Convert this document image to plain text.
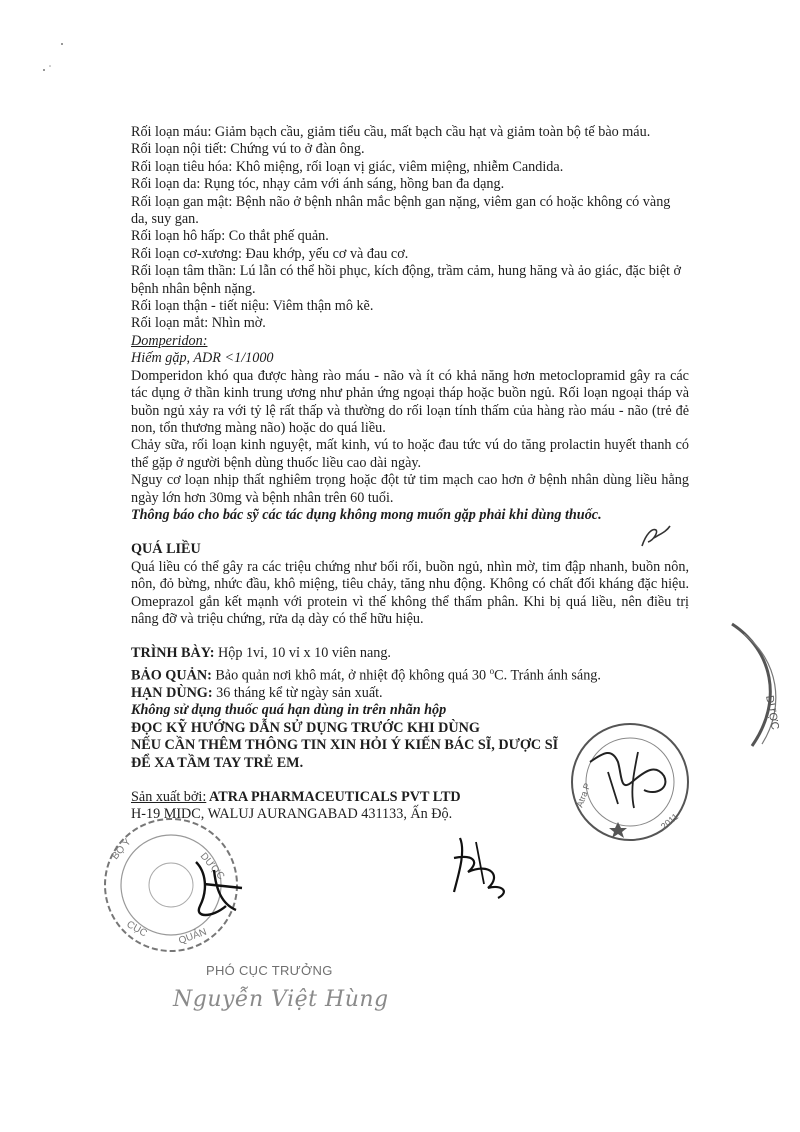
Rối loạn máu: Giảm bạch cầu, giảm tiểu cầu, mất bạch cầu hạt và giảm toàn bộ tế bào máu.

Rối loạn nội tiết: Chứng vú to ở đàn ông.

Rối loạn tiêu hóa: Khô miệng, rối loạn vị giác, viêm miệng, nhiễm Candida.

Rối loạn da: Rụng tóc, nhạy cảm với ánh sáng, hồng ban đa dạng.

Rối loạn gan mật: Bệnh não ở bệnh nhân mắc bệnh gan nặng, viêm gan có hoặc không có vàng da, suy gan.

Rối loạn hô hấp: Co thắt phế quản.

Rối loạn cơ-xương: Đau khớp, yếu cơ và đau cơ.

Rối loạn tâm thần: Lú lẫn có thể hồi phục, kích động, trầm cảm, hung hăng và ảo giác, đặc biệt ở bệnh nhân bệnh nặng.

Rối loạn thận - tiết niệu: Viêm thận mô kẽ.

Rối loạn mắt: Nhìn mờ.

Domperidon:

Hiếm gặp, ADR <1/1000

Domperidon khó qua được hàng rào máu - não và ít có khả năng hơn metoclopramid gây ra các tác dụng ở thần kinh trung ương như phản ứng ngoại tháp hoặc buồn ngủ. Rối loạn ngoại tháp và buồn ngủ xảy ra với tỷ lệ rất thấp và thường do rối loạn tính thấm của hàng rào máu - não (trẻ đẻ non, tổn thương màng não) hoặc do quá liều.

Chảy sữa, rối loạn kinh nguyệt, mất kinh, vú to hoặc đau tức vú do tăng prolactin huyết thanh có thể gặp ở người bệnh dùng thuốc liều cao dài ngày.

Nguy cơ loạn nhịp thất nghiêm trọng hoặc đột tử tim mạch cao hơn ở bệnh nhân dùng liều hằng ngày lớn hơn 30mg và bệnh nhân trên 60 tuổi.

Thông báo cho bác sỹ các tác dụng không mong muốn gặp phải khi dùng thuốc.

QUÁ LIỀU

Quá liều có thể gây ra các triệu chứng như bối rối, buồn ngủ, nhìn mờ, tim đập nhanh, buồn nôn, nôn, đỏ bừng, nhức đầu, khô miệng, tiêu chảy, tăng nhu động. Không có chất đối kháng đặc hiệu. Omeprazol gắn kết mạnh với protein vì thế không thể thẩm phân. Khi bị quá liều, nên điều trị nâng đỡ và triệu chứng, rửa dạ dày có thể hữu hiệu.

TRÌNH BÀY: Hộp 1vỉ, 10 vỉ x 10 viên nang.

BẢO QUẢN: Bảo quản nơi khô mát, ở nhiệt độ không quá 30 $^o$C. Tránh ánh sáng.

HẠN DÙNG: 36 tháng kể từ ngày sản xuất.

Không sử dụng thuốc quá hạn dùng in trên nhãn hộp

ĐỌC KỸ HƯỚNG DẪN SỬ DỤNG TRƯỚC KHI DÙNG

NẾU CẦN THÊM THÔNG TIN XIN HỎI Ý KIẾN BÁC SĨ, DƯỢC SĨ

ĐỂ XA TẦM TAY TRẺ EM.

Sản xuất bởi: ATRA PHARMACEUTICALS PVT LTD

H-19 MIDC, WALUJ AURANGABAD 431133, Ấn Độ.

DƯỢC
Atra P
2011
BỘ Y
DƯỢC
CỤC	QUẢN
PHÓ CỤC TRƯỞNG
Nguyễn Việt Hùng
